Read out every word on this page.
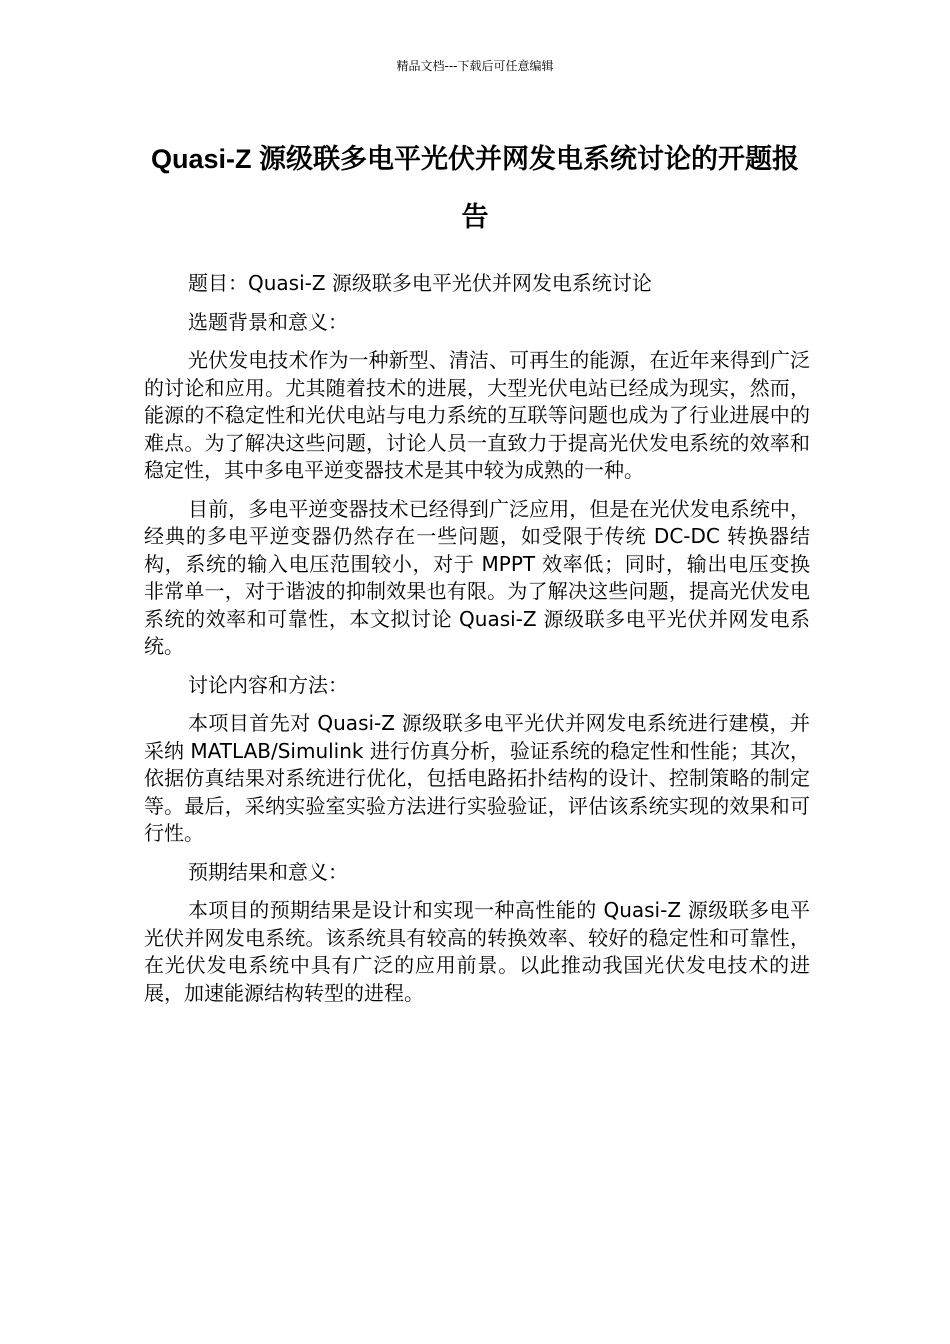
精品文档---下载后可任意编辑
Quasi-Z 源级联多电平光伏并网发电系统讨论的开题报告

题目：Quasi-Z 源级联多电平光伏并网发电系统讨论

选题背景和意义：

光伏发电技术作为一种新型、清洁、可再生的能源，在近年来得到广泛的讨论和应用。尤其随着技术的进展，大型光伏电站已经成为现实，然而，能源的不稳定性和光伏电站与电力系统的互联等问题也成为了行业进展中的难点。为了解决这些问题，讨论人员一直致力于提高光伏发电系统的效率和稳定性，其中多电平逆变器技术是其中较为成熟的一种。

目前，多电平逆变器技术已经得到广泛应用，但是在光伏发电系统中，经典的多电平逆变器仍然存在一些问题，如受限于传统 DC-DC 转换器结构，系统的输入电压范围较小，对于 MPPT 效率低；同时，输出电压变换非常单一，对于谐波的抑制效果也有限。为了解决这些问题，提高光伏发电系统的效率和可靠性，本文拟讨论 Quasi-Z 源级联多电平光伏并网发电系统。

讨论内容和方法：

本项目首先对 Quasi-Z 源级联多电平光伏并网发电系统进行建模，并采纳 MATLAB/Simulink 进行仿真分析，验证系统的稳定性和性能；其次，依据仿真结果对系统进行优化，包括电路拓扑结构的设计、控制策略的制定等。最后，采纳实验室实验方法进行实验验证，评估该系统实现的效果和可行性。

预期结果和意义：

本项目的预期结果是设计和实现一种高性能的 Quasi-Z 源级联多电平光伏并网发电系统。该系统具有较高的转换效率、较好的稳定性和可靠性，在光伏发电系统中具有广泛的应用前景。以此推动我国光伏发电技术的进展，加速能源结构转型的进程。
